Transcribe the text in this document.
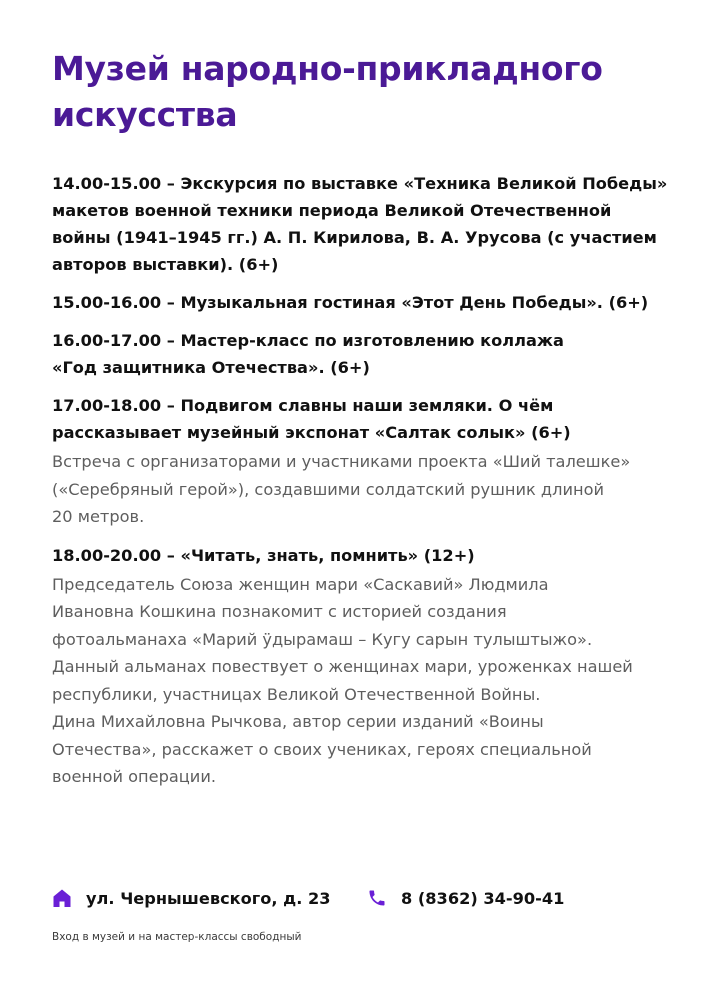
Музей народно-прикладного
искусства

14.00-15.00 – Экскурсия по выставке «Техника Великой Победы»
макетов военной техники периода Великой Отечественной
войны (1941–1945 гг.) А. П. Кирилова, В. А. Урусова (с участием
авторов выставки). (6+)

15.00-16.00 – Музыкальная гостиная «Этот День Победы». (6+)

16.00-17.00 – Мастер-класс по изготовлению коллажа
«Год защитника Отечества». (6+)

17.00-18.00 – Подвигом славны наши земляки. О чём
рассказывает музейный экспонат «Салтак солык» (6+)

Встреча с организаторами и участниками проекта «Ший талешке»
(«Серебряный герой»), создавшими солдатский рушник длиной
20 метров.

18.00-20.00 – «Читать, знать, помнить» (12+)

Председатель Союза женщин мари «Саскавий» Людмила
Ивановна Кошкина познакомит с историей создания
фотоальманаха «Марий ӱдырамаш – Кугу сарын тулыштыжо».
Данный альманах повествует о женщинах мари, уроженках нашей
республики, участницах Великой Отечественной Войны.
Дина Михайловна Рычкова, автор серии изданий «Воины
Отечества», расскажет о своих учениках, героях специальной
военной операции.

ул. Чернышевского, д. 23	8 (8362) 34-90-41
Вход в музей и на мастер-классы свободный
